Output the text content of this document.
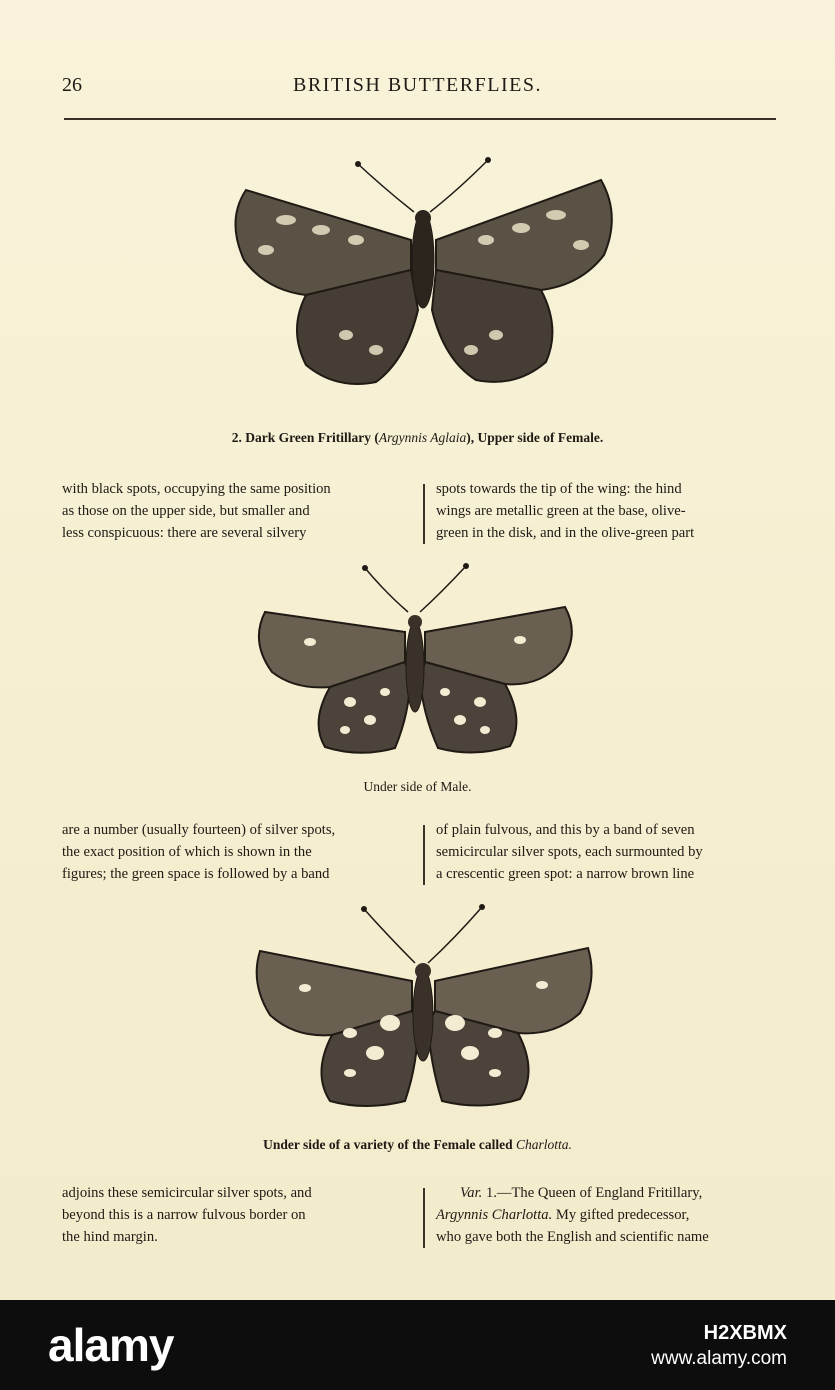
26	BRITISH BUTTERFLIES.
2. Dark Green Fritillary (Argynnis Aglaia), Upper side of Female.

with black spots, occupying the same position

as those on the upper side, but smaller and

less conspicuous: there are several silvery

spots towards the tip of the wing: the hind

wings are metallic green at the base, olive-

green in the disk, and in the olive-green part

Under side of Male.

are a number (usually fourteen) of silver spots,

the exact position of which is shown in the

figures; the green space is followed by a band

of plain fulvous, and this by a band of seven

semicircular silver spots, each surmounted by

a crescentic green spot: a narrow brown line

Under side of a variety of the Female called Charlotta.

adjoins these semicircular silver spots, and

beyond this is a narrow fulvous border on

the hind margin.

Var. 1.—The Queen of England Fritillary,

Argynnis Charlotta. My gifted predecessor,

who gave both the English and scientific name

alamy	H2XBMX
www.alamy.com
